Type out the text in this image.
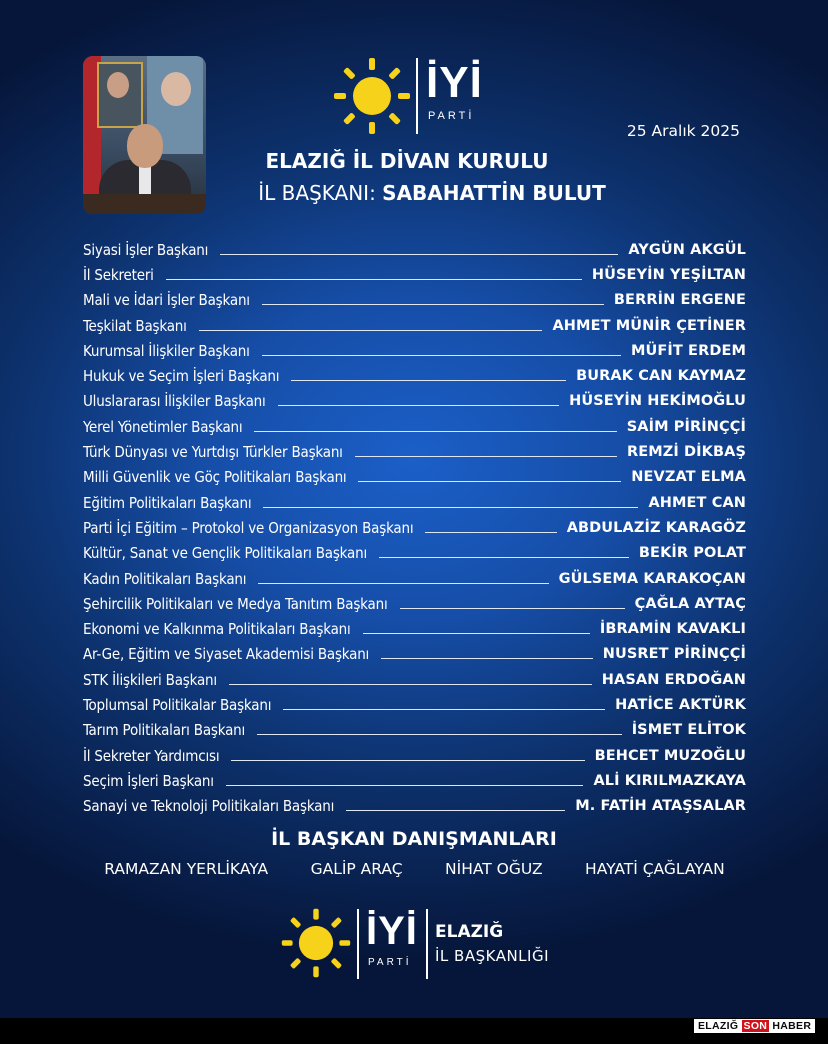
İYİ
PARTİ
25 Aralık 2025
ELAZIĞ İL DİVAN KURULU
İL BAŞKANI: SABAHATTİN BULUT
Siyasi İşler Başkanı	AYGÜN AKGÜL
İl Sekreteri	HÜSEYİN YEŞİLTAN
Mali ve İdari İşler Başkanı	BERRİN ERGENE
Teşkilat Başkanı	AHMET MÜNİR ÇETİNER
Kurumsal İlişkiler Başkanı	MÜFİT ERDEM
Hukuk ve Seçim İşleri Başkanı	BURAK CAN KAYMAZ
Uluslararası İlişkiler Başkanı	HÜSEYİN HEKİMOĞLU
Yerel Yönetimler Başkanı	SAİM PİRİNÇÇİ
Türk Dünyası ve Yurtdışı Türkler Başkanı	REMZİ DİKBAŞ
Milli Güvenlik ve Göç Politikaları Başkanı	NEVZAT ELMA
Eğitim Politikaları Başkanı	AHMET CAN
Parti İçi Eğitim – Protokol ve Organizasyon Başkanı	ABDULAZİZ KARAGÖZ
Kültür, Sanat ve Gençlik Politikaları Başkanı	BEKİR POLAT
Kadın Politikaları Başkanı	GÜLSEMA KARAKOÇAN
Şehircilik Politikaları ve Medya Tanıtım Başkanı	ÇAĞLA AYTAÇ
Ekonomi ve Kalkınma Politikaları Başkanı	İBRAMİN KAVAKLI
Ar-Ge, Eğitim ve Siyaset Akademisi Başkanı	NUSRET PİRİNÇÇİ
STK İlişkileri Başkanı	HASAN ERDOĞAN
Toplumsal Politikalar Başkanı	HATİCE AKTÜRK
Tarım Politikaları Başkanı	İSMET ELİTOK
İl Sekreter Yardımcısı	BEHCET MUZOĞLU
Seçim İşleri Başkanı	ALİ KIRILMAZKAYA
Sanayi ve Teknoloji Politikaları Başkanı	M. FATİH ATAŞSALAR
İL BAŞKAN DANIŞMANLARI
RAMAZAN YERLİKAYA	GALİP ARAÇ	NİHAT OĞUZ	HAYATİ ÇAĞLAYAN
İYİ
PARTİ
ELAZIĞ
İL BAŞKANLIĞI
ELAZIĞ SON HABER
